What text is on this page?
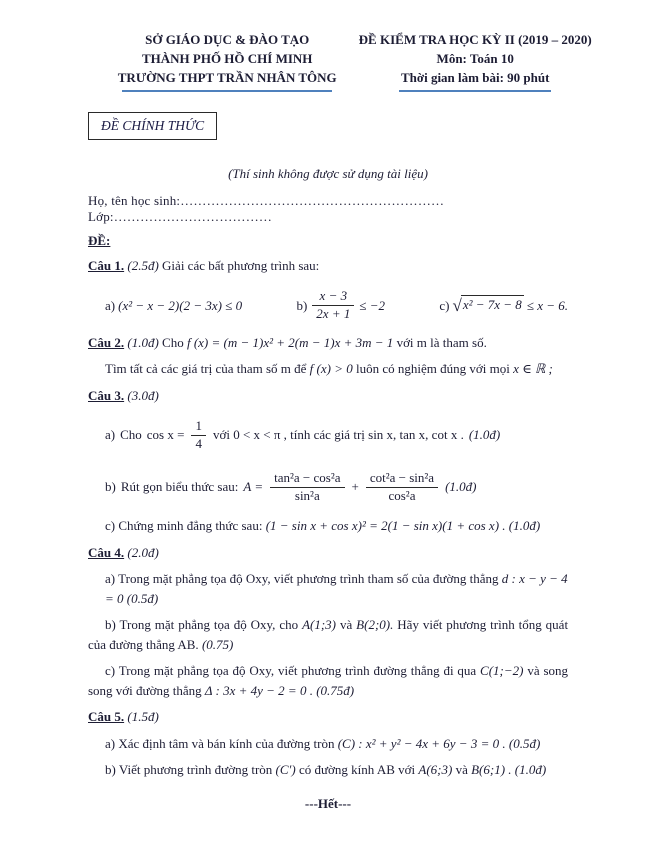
SỞ GIÁO DỤC & ĐÀO TẠO
THÀNH PHỐ HỒ CHÍ MINH
TRƯỜNG THPT TRẦN NHÂN TÔNG
ĐỀ KIỂM TRA HỌC KỲ II (2019 – 2020)
Môn: Toán 10
Thời gian làm bài: 90 phút
ĐỀ CHÍNH THỨC
(Thí sinh không được sử dụng tài liệu)
Họ, tên học sinh:…………………………………………………… Lớp:………………………………
ĐỀ:

Câu 1. (2.5đ) Giải các bất phương trình sau:

a) (x² − x − 2)(2 − 3x) ≤ 0	$b) \frac{x - 3}{2x + 1} \le -2$	c) √x² − 7x − 8 ≤ x − 6.

Câu 2. (1.0đ) Cho f (x) = (m − 1)x² + 2(m − 1)x + 3m − 1 với m là tham số.

Tìm tất cả các giá trị của tham số m để f (x) > 0 luôn có nghiệm đúng với mọi x ∈ ℝ ;

Câu 3. (3.0đ)

a) Cho $\cos x = \frac{1}{4}$ với 0 < x < π , tính các giá trị sin x, tan x, cot x . (1.0đ)
b) Rút gọn biểu thức sau: $A = \frac{\text{tan²a − cos²a}}{\text{sin²a}} + \frac{\text{cot²a − sin²a}}{\text{cos²a}}$ (1.0đ)

c) Chứng minh đẳng thức sau: (1 − sin x + cos x)² = 2(1 − sin x)(1 + cos x) . (1.0đ)

Câu 4. (2.0đ)

a) Trong mặt phẳng tọa độ Oxy, viết phương trình tham số của đường thẳng d : x − y − 4 = 0 (0.5đ)

b) Trong mặt phẳng tọa độ Oxy, cho A(1;3) và B(2;0). Hãy viết phương trình tổng quát của đường thẳng AB. (0.75)

c) Trong mặt phẳng tọa độ Oxy, viết phương trình đường thẳng đi qua C(1;−2) và song song với đường thẳng Δ : 3x + 4y − 2 = 0 . (0.75đ)

Câu 5. (1.5đ)

a) Xác định tâm và bán kính của đường tròn (C) : x² + y² − 4x + 6y − 3 = 0 . (0.5đ)

b) Viết phương trình đường tròn (C′) có đường kính AB với A(6;3) và B(6;1) . (1.0đ)

---Hết---
